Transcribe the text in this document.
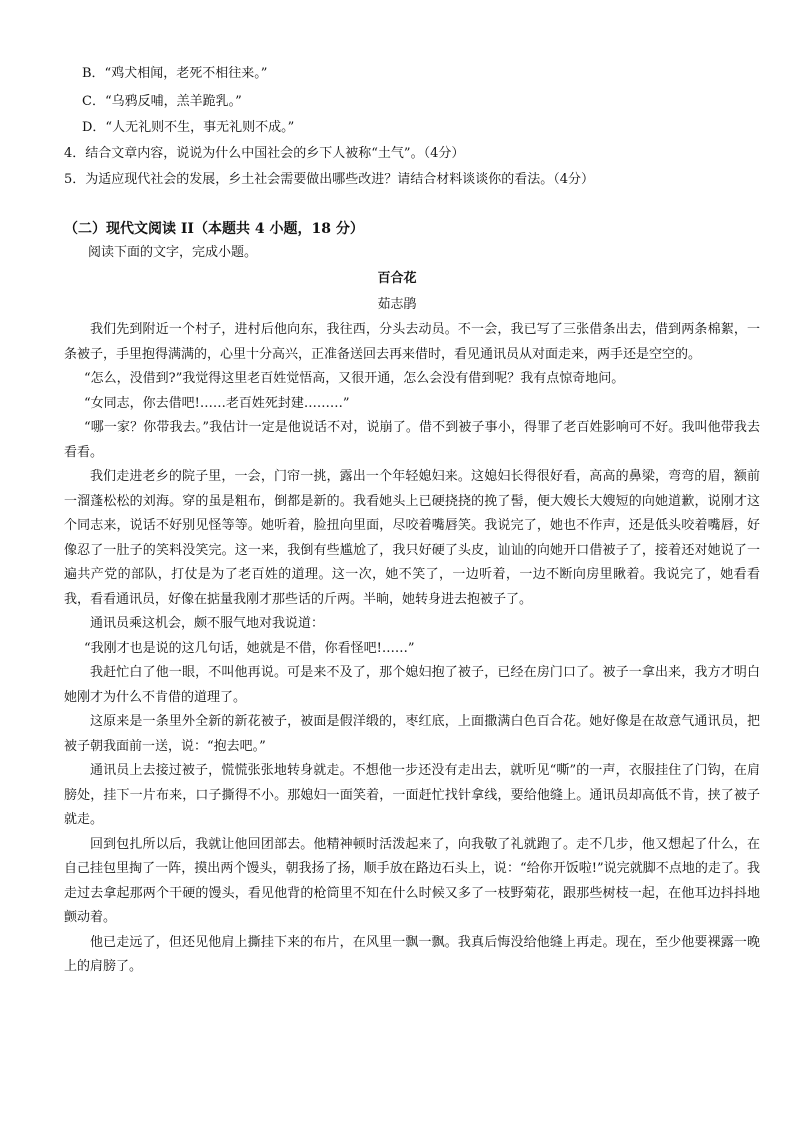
B．“鸡犬相闻，老死不相往来。”
C．“乌鸦反哺，羔羊跪乳。”
D．“人无礼则不生，事无礼则不成。”
4．结合文章内容，说说为什么中国社会的乡下人被称“土气”。（4分）
5．为适应现代社会的发展，乡土社会需要做出哪些改进？请结合材料谈谈你的看法。（4分）
（二）现代文阅读 II（本题共 4 小题，18 分）
阅读下面的文字，完成小题。
百合花
茹志鹃

我们先到附近一个村子，进村后他向东，我往西，分头去动员。不一会，我已写了三张借条出去，借到两条棉絮，一条被子，手里抱得满满的，心里十分高兴，正准备送回去再来借时，看见通讯员从对面走来，两手还是空空的。

“怎么，没借到?”我觉得这里老百姓觉悟高，又很开通，怎么会没有借到呢？我有点惊奇地问。

“女同志，你去借吧!……老百姓死封建………”

“哪一家？你带我去。”我估计一定是他说话不对，说崩了。借不到被子事小，得罪了老百姓影响可不好。我叫他带我去看看。

我们走进老乡的院子里，一会，门帘一挑，露出一个年轻媳妇来。这媳妇长得很好看，高高的鼻梁，弯弯的眉，额前一溜蓬松松的刘海。穿的虽是粗布，倒都是新的。我看她头上已硬挠挠的挽了髻，便大嫂长大嫂短的向她道歉，说刚才这个同志来，说话不好别见怪等等。她听着，脸扭向里面，尽咬着嘴唇笑。我说完了，她也不作声，还是低头咬着嘴唇，好像忍了一肚子的笑料没笑完。这一来，我倒有些尴尬了，我只好硬了头皮，讪讪的向她开口借被子了，接着还对她说了一遍共产党的部队，打仗是为了老百姓的道理。这一次，她不笑了，一边听着，一边不断向房里瞅着。我说完了，她看看我，看看通讯员，好像在掂量我刚才那些话的斤两。半晌，她转身进去抱被子了。

通讯员乘这机会，颇不服气地对我说道：

“我刚才也是说的这几句话，她就是不借，你看怪吧!……”

我赶忙白了他一眼，不叫他再说。可是来不及了，那个媳妇抱了被子，已经在房门口了。被子一拿出来，我方才明白她刚才为什么不肯借的道理了。

这原来是一条里外全新的新花被子，被面是假洋缎的，枣红底，上面撒满白色百合花。她好像是在故意气通讯员，把被子朝我面前一送，说：“抱去吧。”

通讯员上去接过被子，慌慌张张地转身就走。不想他一步还没有走出去，就听见“嘶”的一声，衣服挂住了门钩，在肩膀处，挂下一片布来，口子撕得不小。那媳妇一面笑着，一面赶忙找针拿线，要给他缝上。通讯员却高低不肯，挟了被子就走。

回到包扎所以后，我就让他回团部去。他精神顿时活泼起来了，向我敬了礼就跑了。走不几步，他又想起了什么，在自己挂包里掏了一阵，摸出两个馒头，朝我扬了扬，顺手放在路边石头上，说：“给你开饭啦!”说完就脚不点地的走了。我走过去拿起那两个干硬的馒头，看见他背的枪筒里不知在什么时候又多了一枝野菊花，跟那些树枝一起，在他耳边抖抖地颤动着。

他已走远了，但还见他肩上撕挂下来的布片，在风里一飘一飘。我真后悔没给他缝上再走。现在，至少他要裸露一晚上的肩膀了。
